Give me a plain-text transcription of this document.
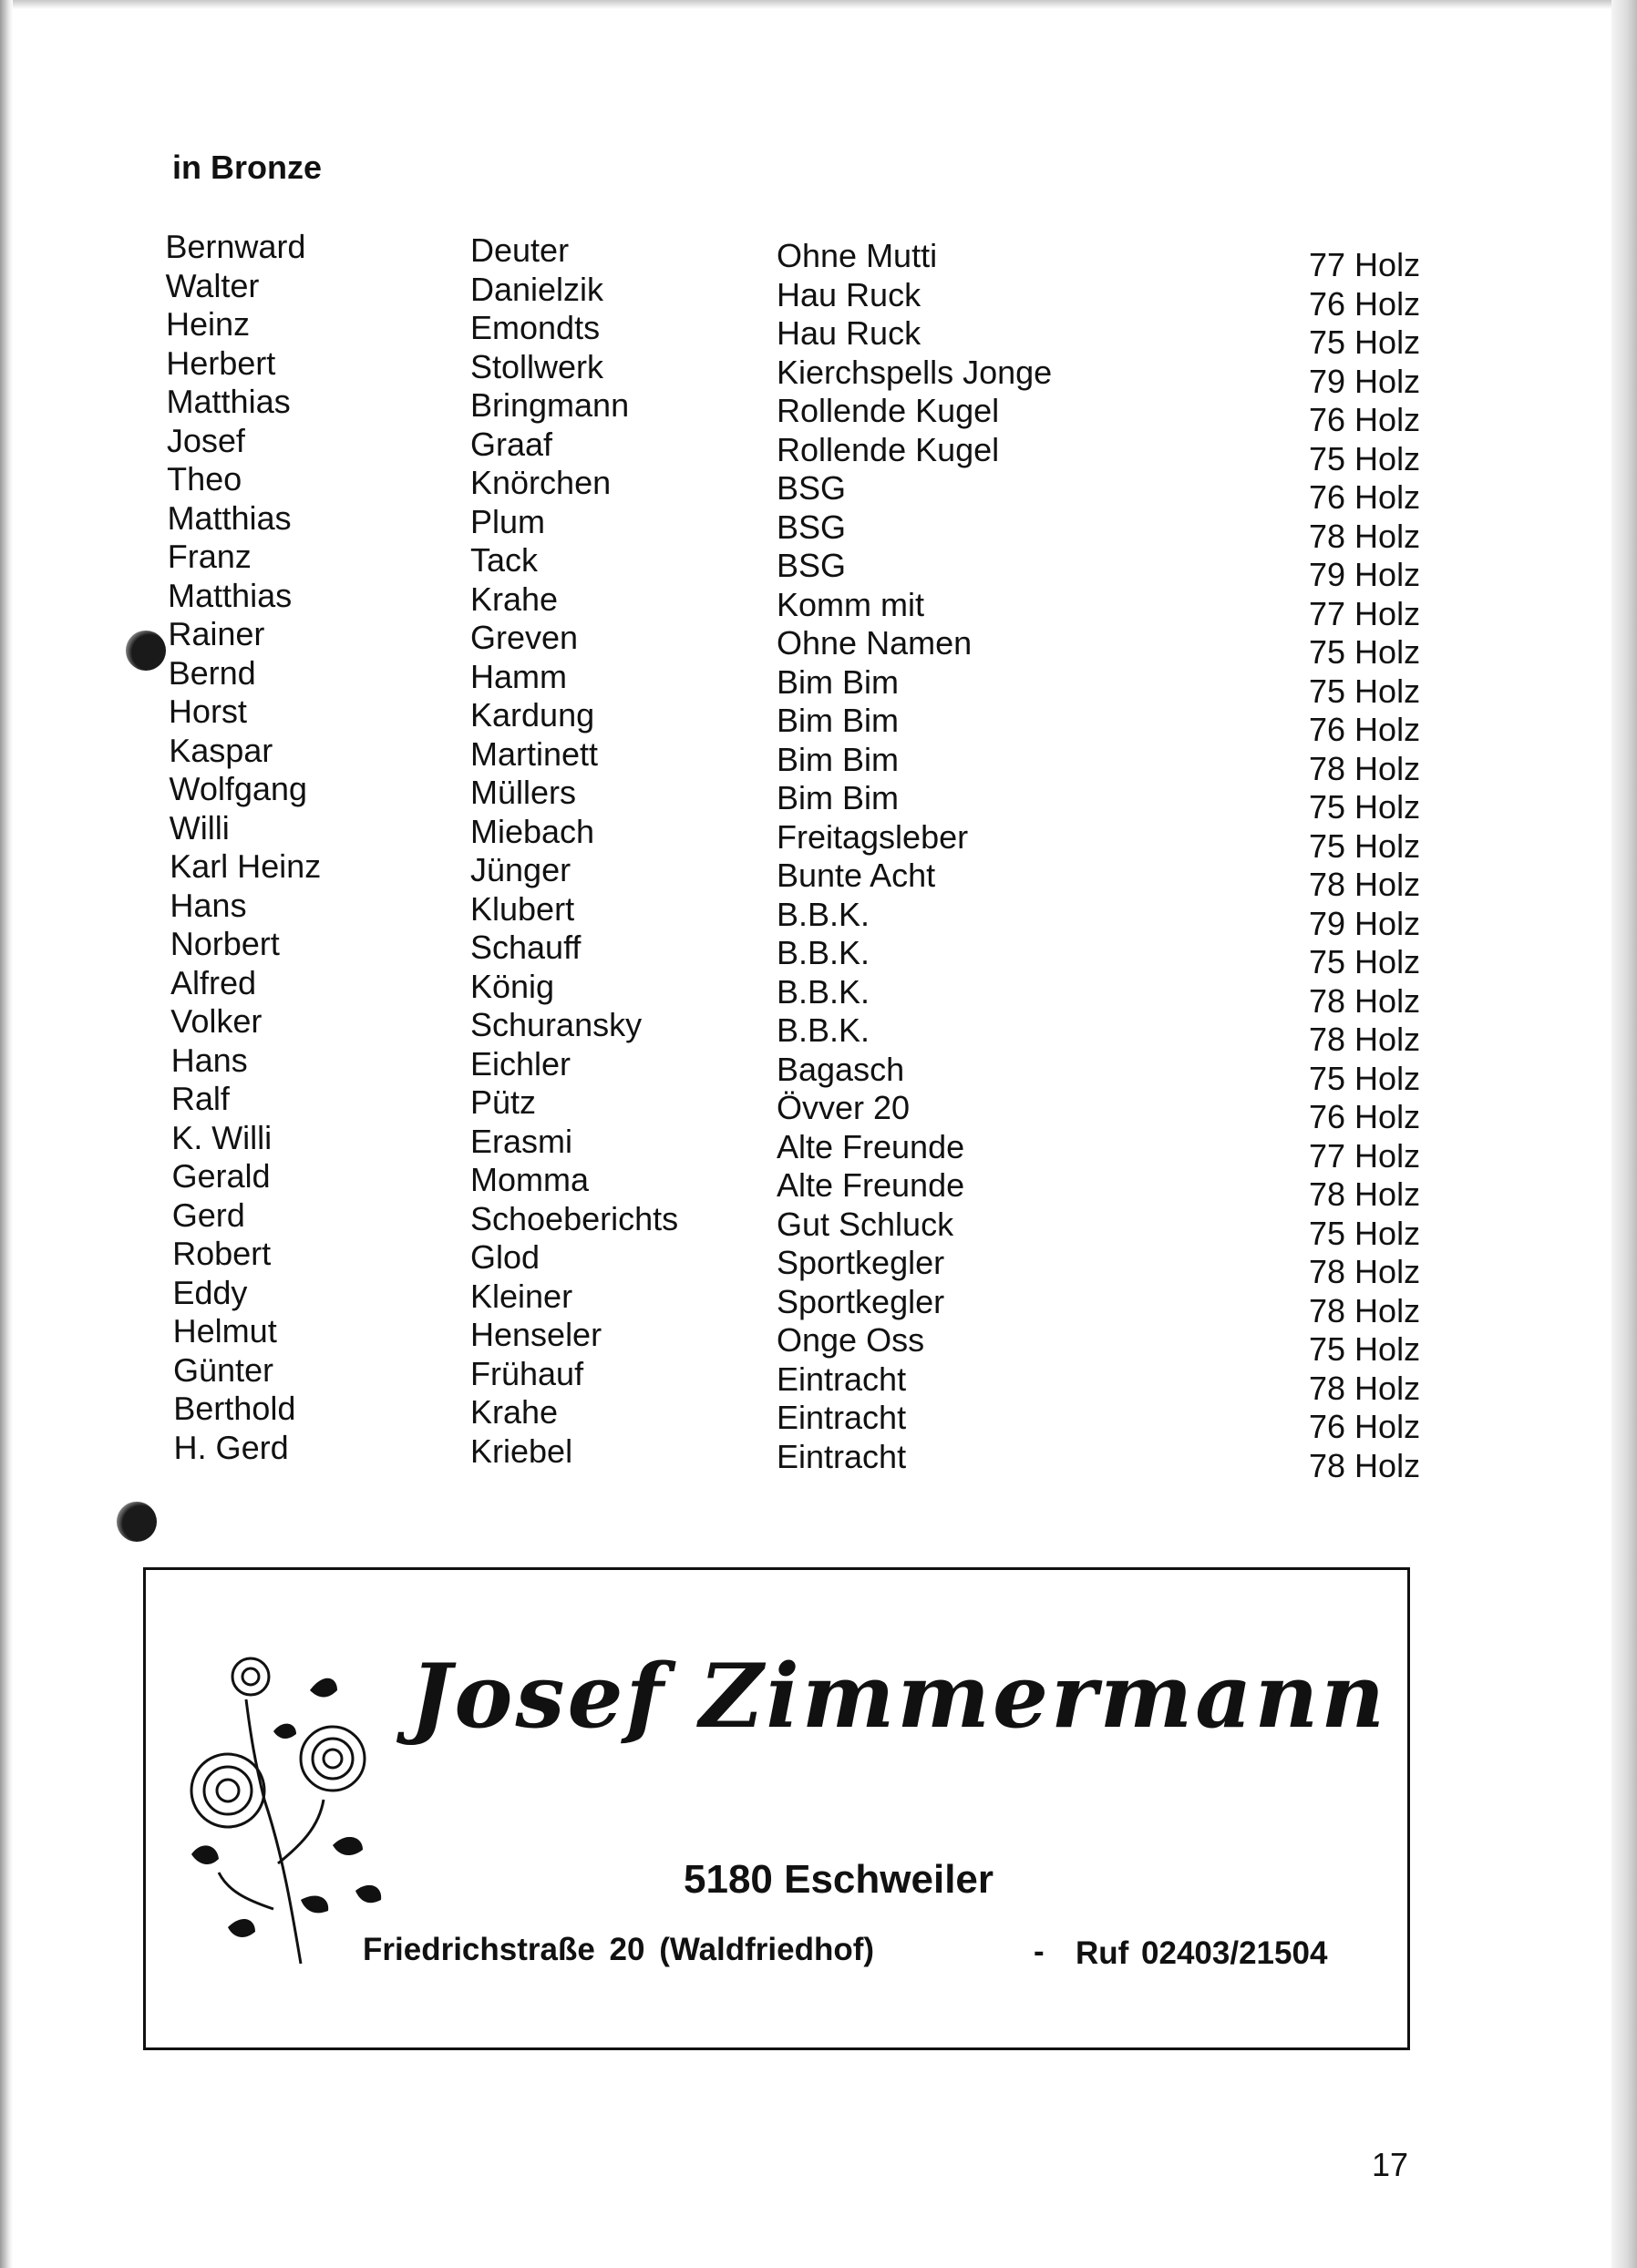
in Bronze
Bernward
Walter
Heinz
Herbert
Matthias
Josef
Theo
Matthias
Franz
Matthias
Rainer
Bernd
Horst
Kaspar
Wolfgang
Willi
Karl Heinz
Hans
Norbert
Alfred
Volker
Hans
Ralf
K. Willi
Gerald
Gerd
Robert
Eddy
Helmut
Günter
Berthold
H. Gerd
Deuter
Danielzik
Emondts
Stollwerk
Bringmann
Graaf
Knörchen
Plum
Tack
Krahe
Greven
Hamm
Kardung
Martinett
Müllers
Miebach
Jünger
Klubert
Schauff
König
Schuransky
Eichler
Pütz
Erasmi
Momma
Schoeberichts
Glod
Kleiner
Henseler
Frühauf
Krahe
Kriebel
Ohne Mutti
Hau Ruck
Hau Ruck
Kierchspells Jonge
Rollende Kugel
Rollende Kugel
BSG
BSG
BSG
Komm mit
Ohne Namen
Bim Bim
Bim Bim
Bim Bim
Bim Bim
Freitagsleber
Bunte Acht
B.B.K.
B.B.K.
B.B.K.
B.B.K.
Bagasch
Övver 20
Alte Freunde
Alte Freunde
Gut Schluck
Sportkegler
Sportkegler
Onge Oss
Eintracht
Eintracht
Eintracht
77 Holz
76 Holz
75 Holz
79 Holz
76 Holz
75 Holz
76 Holz
78 Holz
79 Holz
77 Holz
75 Holz
75 Holz
76 Holz
78 Holz
75 Holz
75 Holz
78 Holz
79 Holz
75 Holz
78 Holz
78 Holz
75 Holz
76 Holz
77 Holz
78 Holz
75 Holz
78 Holz
78 Holz
75 Holz
78 Holz
76 Holz
78 Holz
Josef Zimmermann

5180 Eschweiler

Friedrichstraße 20 (Waldfriedhof)	- Ruf 02403/21504

17
